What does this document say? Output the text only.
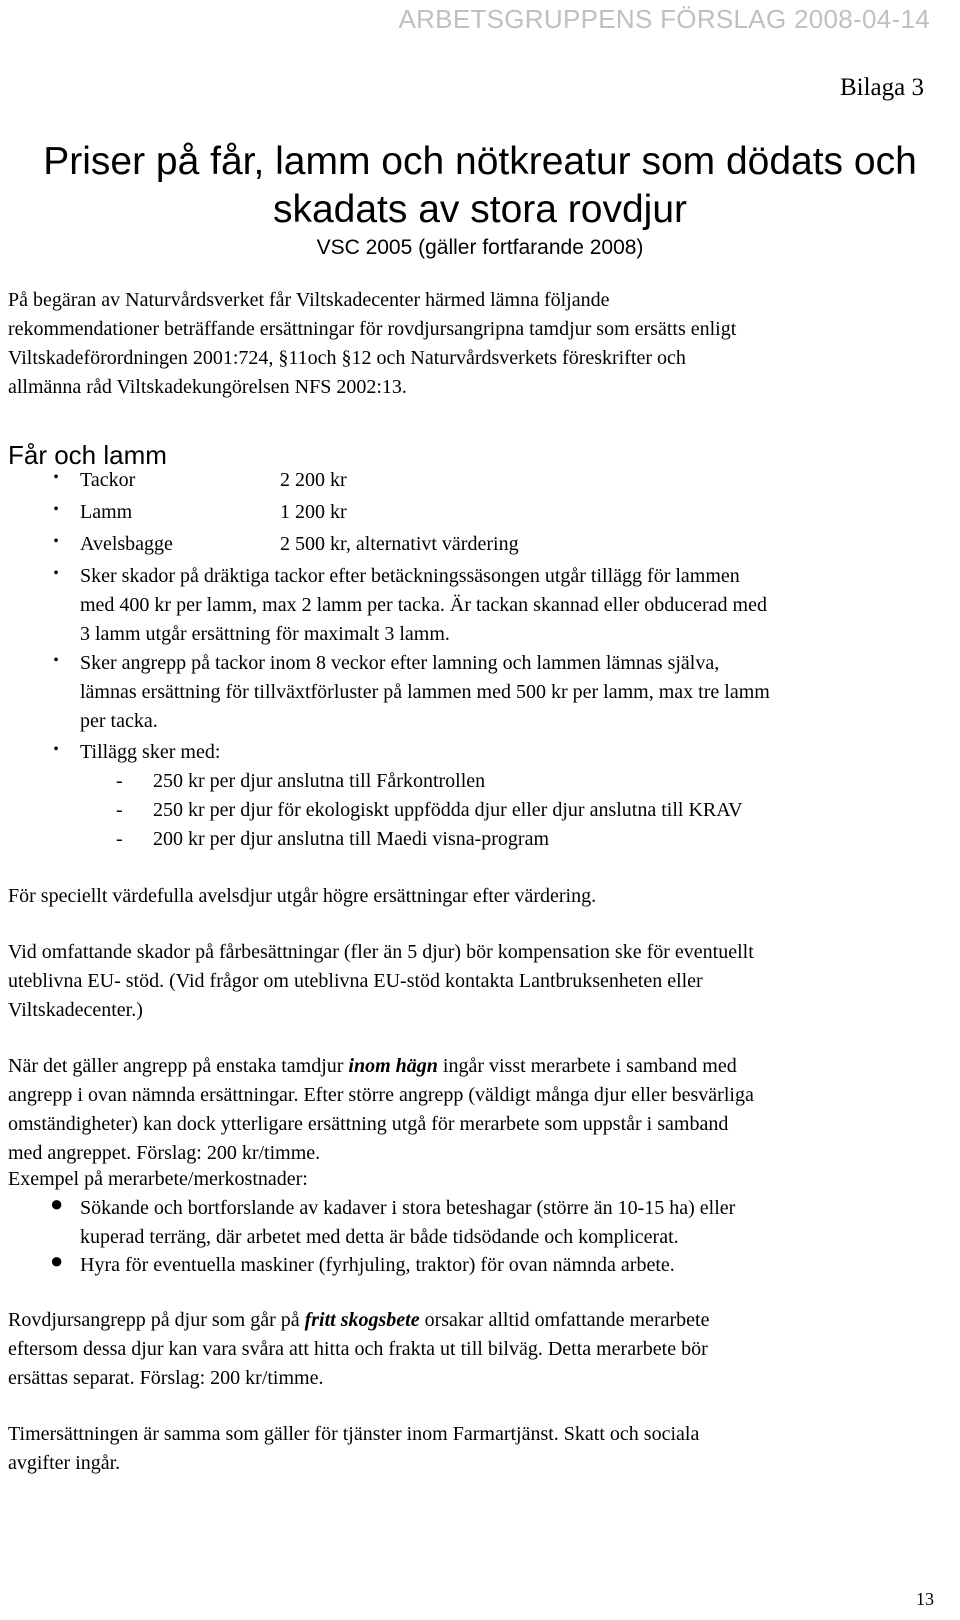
ARBETSGRUPPENS FÖRSLAG 2008-04-14
Bilaga 3
Priser på får, lamm och nötkreatur som dödats och
skadats av stora rovdjur
VSC 2005 (gäller fortfarande 2008)
På begäran av Naturvårdsverket får Viltskadecenter härmed lämna följande
rekommendationer beträffande ersättningar för rovdjursangripna tamdjur som ersätts enligt
Viltskadeförordningen 2001:724, §11och §12 och Naturvårdsverkets föreskrifter och
allmänna råd Viltskadekungörelsen NFS 2002:13.
Får och lamm
• Tackor	2 200 kr
• Lamm	1 200 kr
• Avelsbagge	2 500 kr, alternativt värdering
• Sker skador på dräktiga tackor efter betäckningssäsongen utgår tillägg för lammen
med 400 kr per lamm, max 2 lamm per tacka. Är tackan skannad eller obducerad med
3 lamm utgår ersättning för maximalt 3 lamm.
• Sker angrepp på tackor inom 8 veckor efter lamning och lammen lämnas själva,
lämnas ersättning för tillväxtförluster på lammen med 500 kr per lamm, max tre lamm
per tacka.
• Tillägg sker med:
- 250 kr per djur anslutna till Fårkontrollen
- 250 kr per djur för ekologiskt uppfödda djur eller djur anslutna till KRAV
- 200 kr per djur anslutna till Maedi visna-program
För speciellt värdefulla avelsdjur utgår högre ersättningar efter värdering.
Vid omfattande skador på fårbesättningar (fler än 5 djur) bör kompensation ske för eventuellt
uteblivna EU- stöd. (Vid frågor om uteblivna EU-stöd kontakta Lantbruksenheten eller
Viltskadecenter.)
När det gäller angrepp på enstaka tamdjur inom hägn ingår visst merarbete i samband med
angrepp i ovan nämnda ersättningar. Efter större angrepp (väldigt många djur eller besvärliga
omständigheter) kan dock ytterligare ersättning utgå för merarbete som uppstår i samband
med angreppet. Förslag: 200 kr/timme.
Exempel på merarbete/merkostnader:
● Sökande och bortforslande av kadaver i stora beteshagar (större än 10-15 ha) eller
kuperad terräng, där arbetet med detta är både tidsödande och komplicerat.
● Hyra för eventuella maskiner (fyrhjuling, traktor) för ovan nämnda arbete.
Rovdjursangrepp på djur som går på fritt skogsbete orsakar alltid omfattande merarbete
eftersom dessa djur kan vara svåra att hitta och frakta ut till bilväg. Detta merarbete bör
ersättas separat. Förslag: 200 kr/timme.
Timersättningen är samma som gäller för tjänster inom Farmartjänst. Skatt och sociala
avgifter ingår.
13
